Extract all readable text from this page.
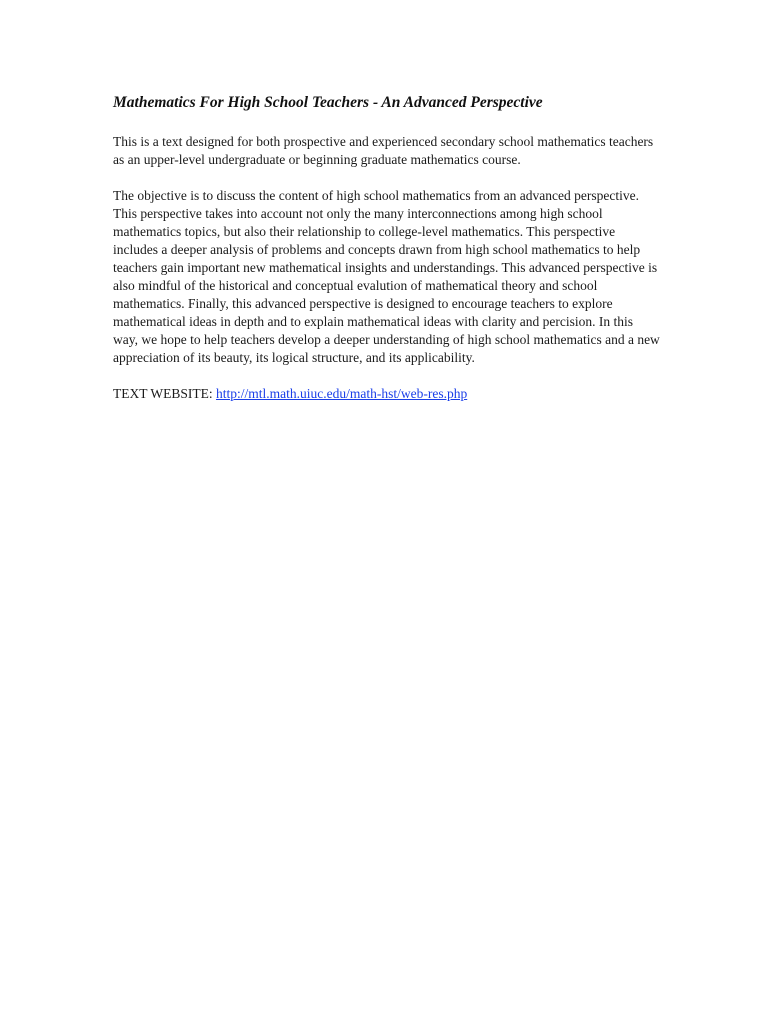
Mathematics For High School Teachers - An Advanced Perspective

This is a text designed for both prospective and experienced secondary school mathematics teachers as an upper-level undergraduate or beginning graduate mathematics course.

The objective is to discuss the content of high school mathematics from an advanced perspective. This perspective takes into account not only the many interconnections among high school mathematics topics, but also their relationship to college-level mathematics. This perspective includes a deeper analysis of problems and concepts drawn from high school mathematics to help teachers gain important new mathematical insights and understandings. This advanced perspective is also mindful of the historical and conceptual evalution of mathematical theory and school mathematics. Finally, this advanced perspective is designed to encourage teachers to explore mathematical ideas in depth and to explain mathematical ideas with clarity and percision. In this way, we hope to help teachers develop a deeper understanding of high school mathematics and a new appreciation of its beauty, its logical structure, and its applicability.

TEXT WEBSITE: http://mtl.math.uiuc.edu/math-hst/web-res.php
